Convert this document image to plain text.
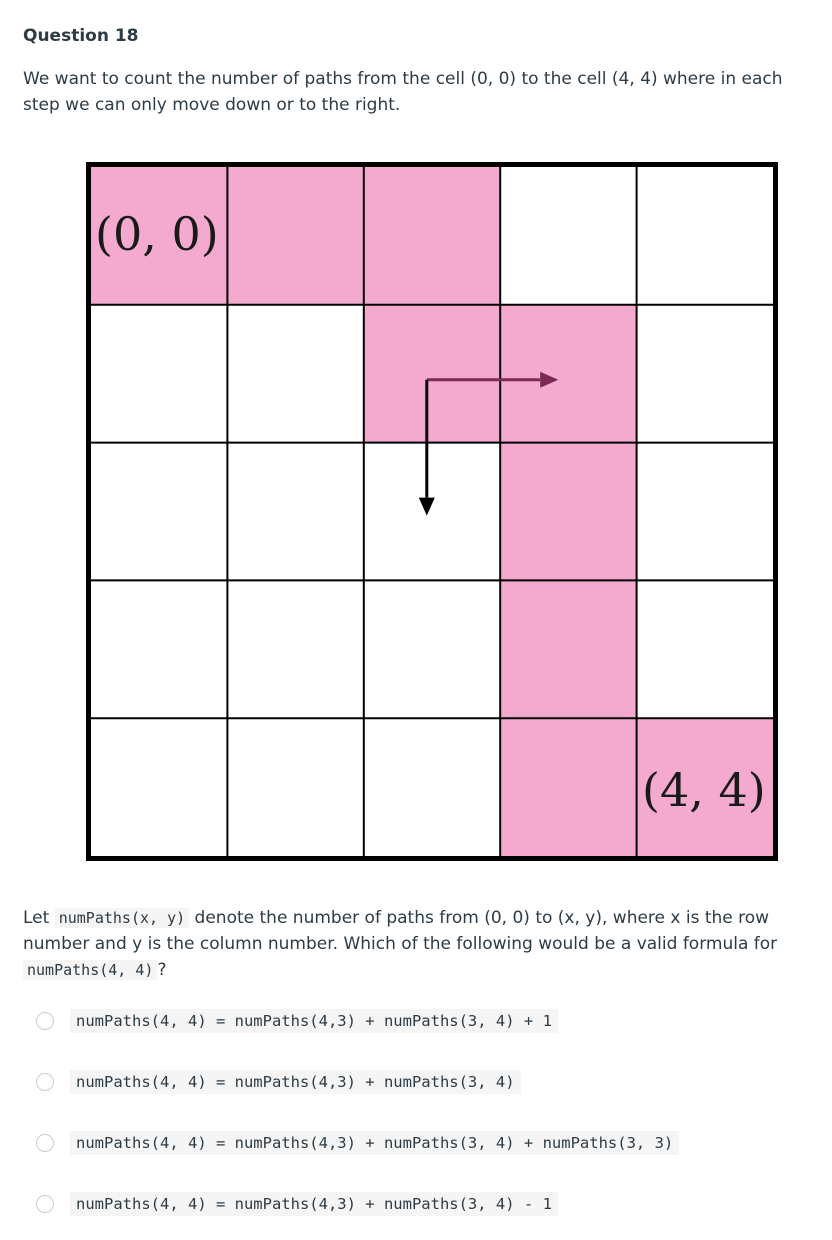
Question 18
We want to count the number of paths from the cell (0, 0) to the cell (4, 4) where in each step we can only move down or to the right.
(0, 0)
(4, 4)
Let numPaths(x, y) denote the number of paths from (0, 0) to (x, y), where x is the row number and y is the column number. Which of the following would be a valid formula for numPaths(4, 4) ?
numPaths(4, 4) = numPaths(4,3) + numPaths(3, 4) + 1
numPaths(4, 4) = numPaths(4,3) + numPaths(3, 4)
numPaths(4, 4) = numPaths(4,3) + numPaths(3, 4) + numPaths(3, 3)
numPaths(4, 4) = numPaths(4,3) + numPaths(3, 4) - 1
